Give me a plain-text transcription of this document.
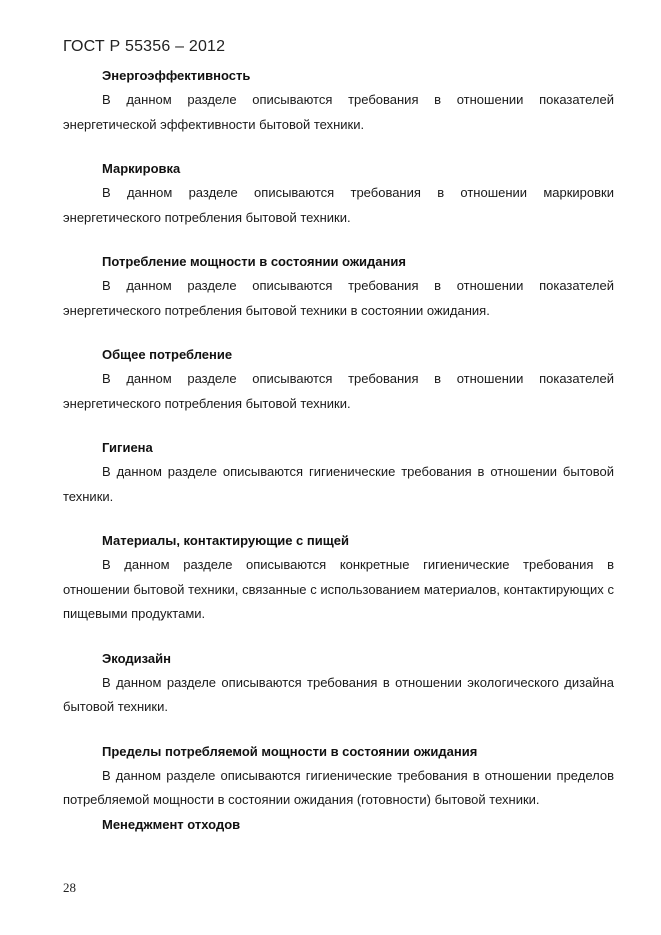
ГОСТ Р 55356 – 2012
Энергоэффективность
В данном разделе описываются требования в отношении показателей энергетической эффективности бытовой техники.
Маркировка
В данном разделе описываются требования в отношении маркировки энергетического потребления бытовой техники.
Потребление мощности в состоянии ожидания
В данном разделе описываются требования в отношении показателей энергетического потребления бытовой техники в состоянии ожидания.
Общее потребление
В данном разделе описываются требования в отношении показателей энергетического потребления бытовой техники.
Гигиена
В данном разделе описываются гигиенические требования в отношении бытовой техники.
Материалы, контактирующие с пищей
В данном разделе описываются конкретные гигиенические требования в отношении бытовой техники, связанные с использованием материалов, контактирующих с пищевыми продуктами.
Экодизайн
В данном разделе описываются требования в отношении экологического дизайна бытовой техники.
Пределы потребляемой мощности в состоянии ожидания
В данном разделе описываются гигиенические требования в отношении пределов потребляемой мощности в состоянии ожидания (готовности) бытовой техники.
Менеджмент отходов
28
